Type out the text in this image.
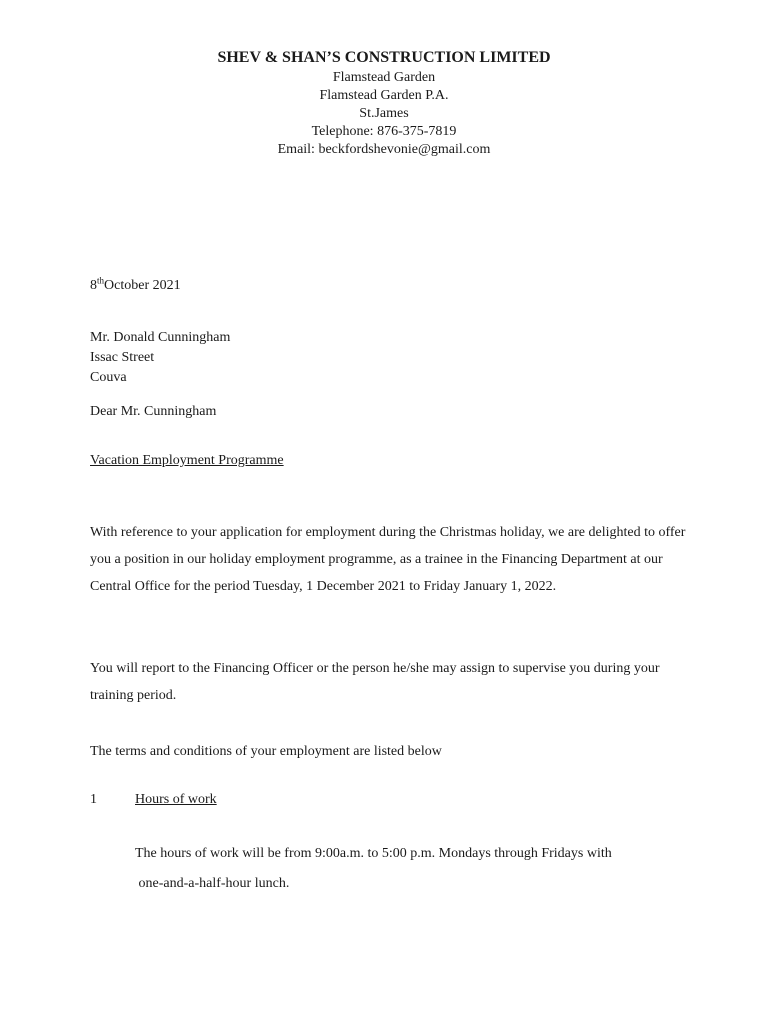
SHEV & SHAN’S CONSTRUCTION LIMITED
Flamstead Garden
Flamstead Garden P.A.
St.James
Telephone: 876-375-7819
Email: beckfordshevonie@gmail.com
8thOctober 2021
Mr. Donald Cunningham
Issac Street
Couva
Dear Mr. Cunningham
Vacation Employment Programme
With reference to your application for employment during the Christmas holiday, we are delighted to offer you a position in our holiday employment programme, as a trainee in the Financing Department at our Central Office for the period Tuesday, 1 December 2021 to Friday January 1, 2022.
You will report to the Financing Officer or the person he/she may assign to supervise you during your training period.
The terms and conditions of your employment are listed below
1	Hours of work
The hours of work will be from 9:00a.m. to 5:00 p.m. Mondays through Fridays with
one-and-a-half-hour lunch.
